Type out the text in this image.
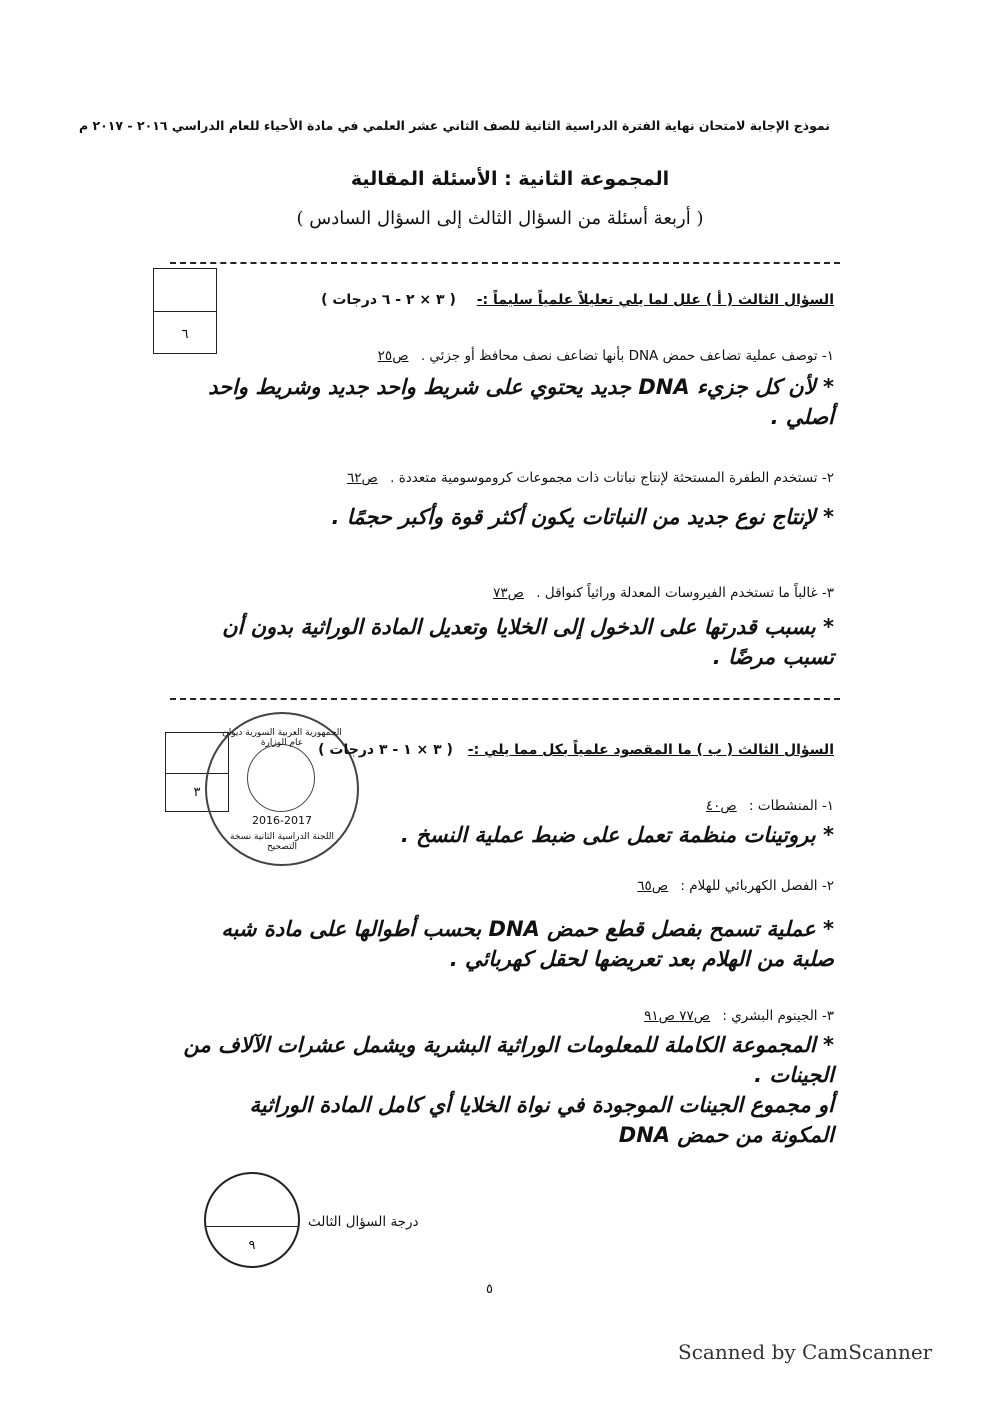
نموذج الإجابة لامتحان نهاية الفترة الدراسية الثانية للصف الثاني عشر العلمي في مادة الأحياء للعام الدراسي ٢٠١٦ - ٢٠١٧ م
المجموعة الثانية : الأسئلة المقالية
( أربعة أسئلة من السؤال الثالث إلى السؤال السادس )
٦
السؤال الثالث ( أ ) علل لما يلي تعليلاً علمياً سليماً :- ( ٣ × ٢ - ٦ درجات )
١- توصف عملية تضاعف حمض DNA بأنها تضاعف نصف محافظ أو جزئي . ص٢٥
* لأن كل جزيء DNA جديد يحتوي على شريط واحد جديد وشريط واحد
أصلي .
٢- تستخدم الطفرة المستحثة لإنتاج نباتات ذات مجموعات كروموسومية متعددة . ص٦٢
* لإنتاج نوع جديد من النباتات يكون أكثر قوة وأكبر حجمًا .
٣- غالباً ما تستخدم الفيروسات المعدلة وراثياً كنواقل . ص٧٣
* بسبب قدرتها على الدخول إلى الخلايا وتعديل المادة الوراثية بدون أن
تسبب مرضًا .
٣
الجمهورية العربية السورية ديوان عام الوزارة
2016-2017
اللجنة الدراسية الثانية نسخة التصحيح
السؤال الثالث ( ب ) ما المقصود علمياً بكل مما يلي :- ( ٣ × ١ - ٣ درجات )
١- المنشطات : ص٤٠
* بروتينات منظمة تعمل على ضبط عملية النسخ .
٢- الفصل الكهربائي للهلام : ص٦٥
* عملية تسمح بفصل قطع حمض DNA بحسب أطوالها على مادة شبه
صلبة من الهلام بعد تعريضها لحقل كهربائي .
٣- الجينوم البشري : ص٧٧ ص٩١
* المجموعة الكاملة للمعلومات الوراثية البشرية ويشمل عشرات الآلاف من
الجينات .
أو مجموع الجينات الموجودة في نواة الخلايا أي كامل المادة الوراثية
المكونة من حمض DNA
٩
درجة السؤال الثالث
٥
Scanned by CamScanner
